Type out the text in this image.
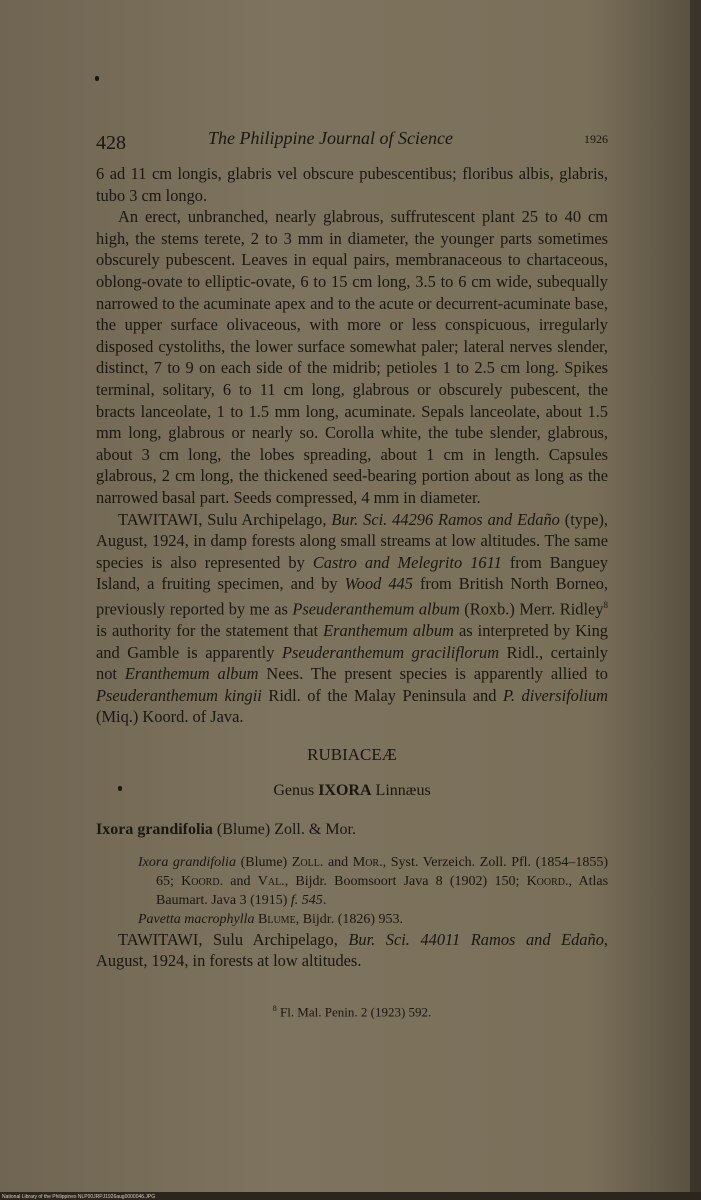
428	The Philippine Journal of Science	1926

6 ad 11 cm longis, glabris vel obscure pubescentibus; floribus albis, glabris, tubo 3 cm longo.

An erect, unbranched, nearly glabrous, suffrutescent plant 25 to 40 cm high, the stems terete, 2 to 3 mm in diameter, the younger parts sometimes obscurely pubescent. Leaves in equal pairs, membranaceous to chartaceous, oblong-ovate to elliptic-ovate, 6 to 15 cm long, 3.5 to 6 cm wide, subequally narrowed to the acuminate apex and to the acute or decurrent-acuminate base, the upper surface olivaceous, with more or less conspicuous, irregularly disposed cystoliths, the lower surface somewhat paler; lateral nerves slender, distinct, 7 to 9 on each side of the midrib; petioles 1 to 2.5 cm long. Spikes terminal, solitary, 6 to 11 cm long, glabrous or obscurely pubescent, the bracts lanceolate, 1 to 1.5 mm long, acuminate. Sepals lanceolate, about 1.5 mm long, glabrous or nearly so. Corolla white, the tube slender, glabrous, about 3 cm long, the lobes spreading, about 1 cm in length. Capsules glabrous, 2 cm long, the thickened seed-bearing portion about as long as the narrowed basal part. Seeds compressed, 4 mm in diameter.

TAWITAWI, Sulu Archipelago, Bur. Sci. 44296 Ramos and Edaño (type), August, 1924, in damp forests along small streams at low altitudes. The same species is also represented by Castro and Melegrito 1611 from Banguey Island, a fruiting specimen, and by Wood 445 from British North Borneo, previously reported by me as Pseuderanthemum album (Roxb.) Merr. Ridley$^8$ is authority for the statement that Eranthemum album as interpreted by King and Gamble is apparently Pseuderanthemum graciliflorum Ridl., certainly not Eranthemum album Nees. The present species is apparently allied to Pseuderanthemum kingii Ridl. of the Malay Peninsula and P. diversifolium (Miq.) Koord. of Java.

RUBIACEÆ
Genus IXORA Linnæus
Ixora grandifolia (Blume) Zoll. & Mor.

Ixora grandifolia (Blume) Zoll. and Mor., Syst. Verzeich. Zoll. Pfl. (1854–1855) 65; Koord. and Val., Bijdr. Boomsoort Java 8 (1902) 150; Koord., Atlas Baumart. Java 3 (1915) f. 545.

Pavetta macrophylla Blume, Bijdr. (1826) 953.

TAWITAWI, Sulu Archipelago, Bur. Sci. 44011 Ramos and Edaño, August, 1924, in forests at low altitudes.

$^8$ Fl. Mal. Penin. 2 (1923) 592.
National Library of the Philippines NLP00JRPJ1926aug0000046.JPG
